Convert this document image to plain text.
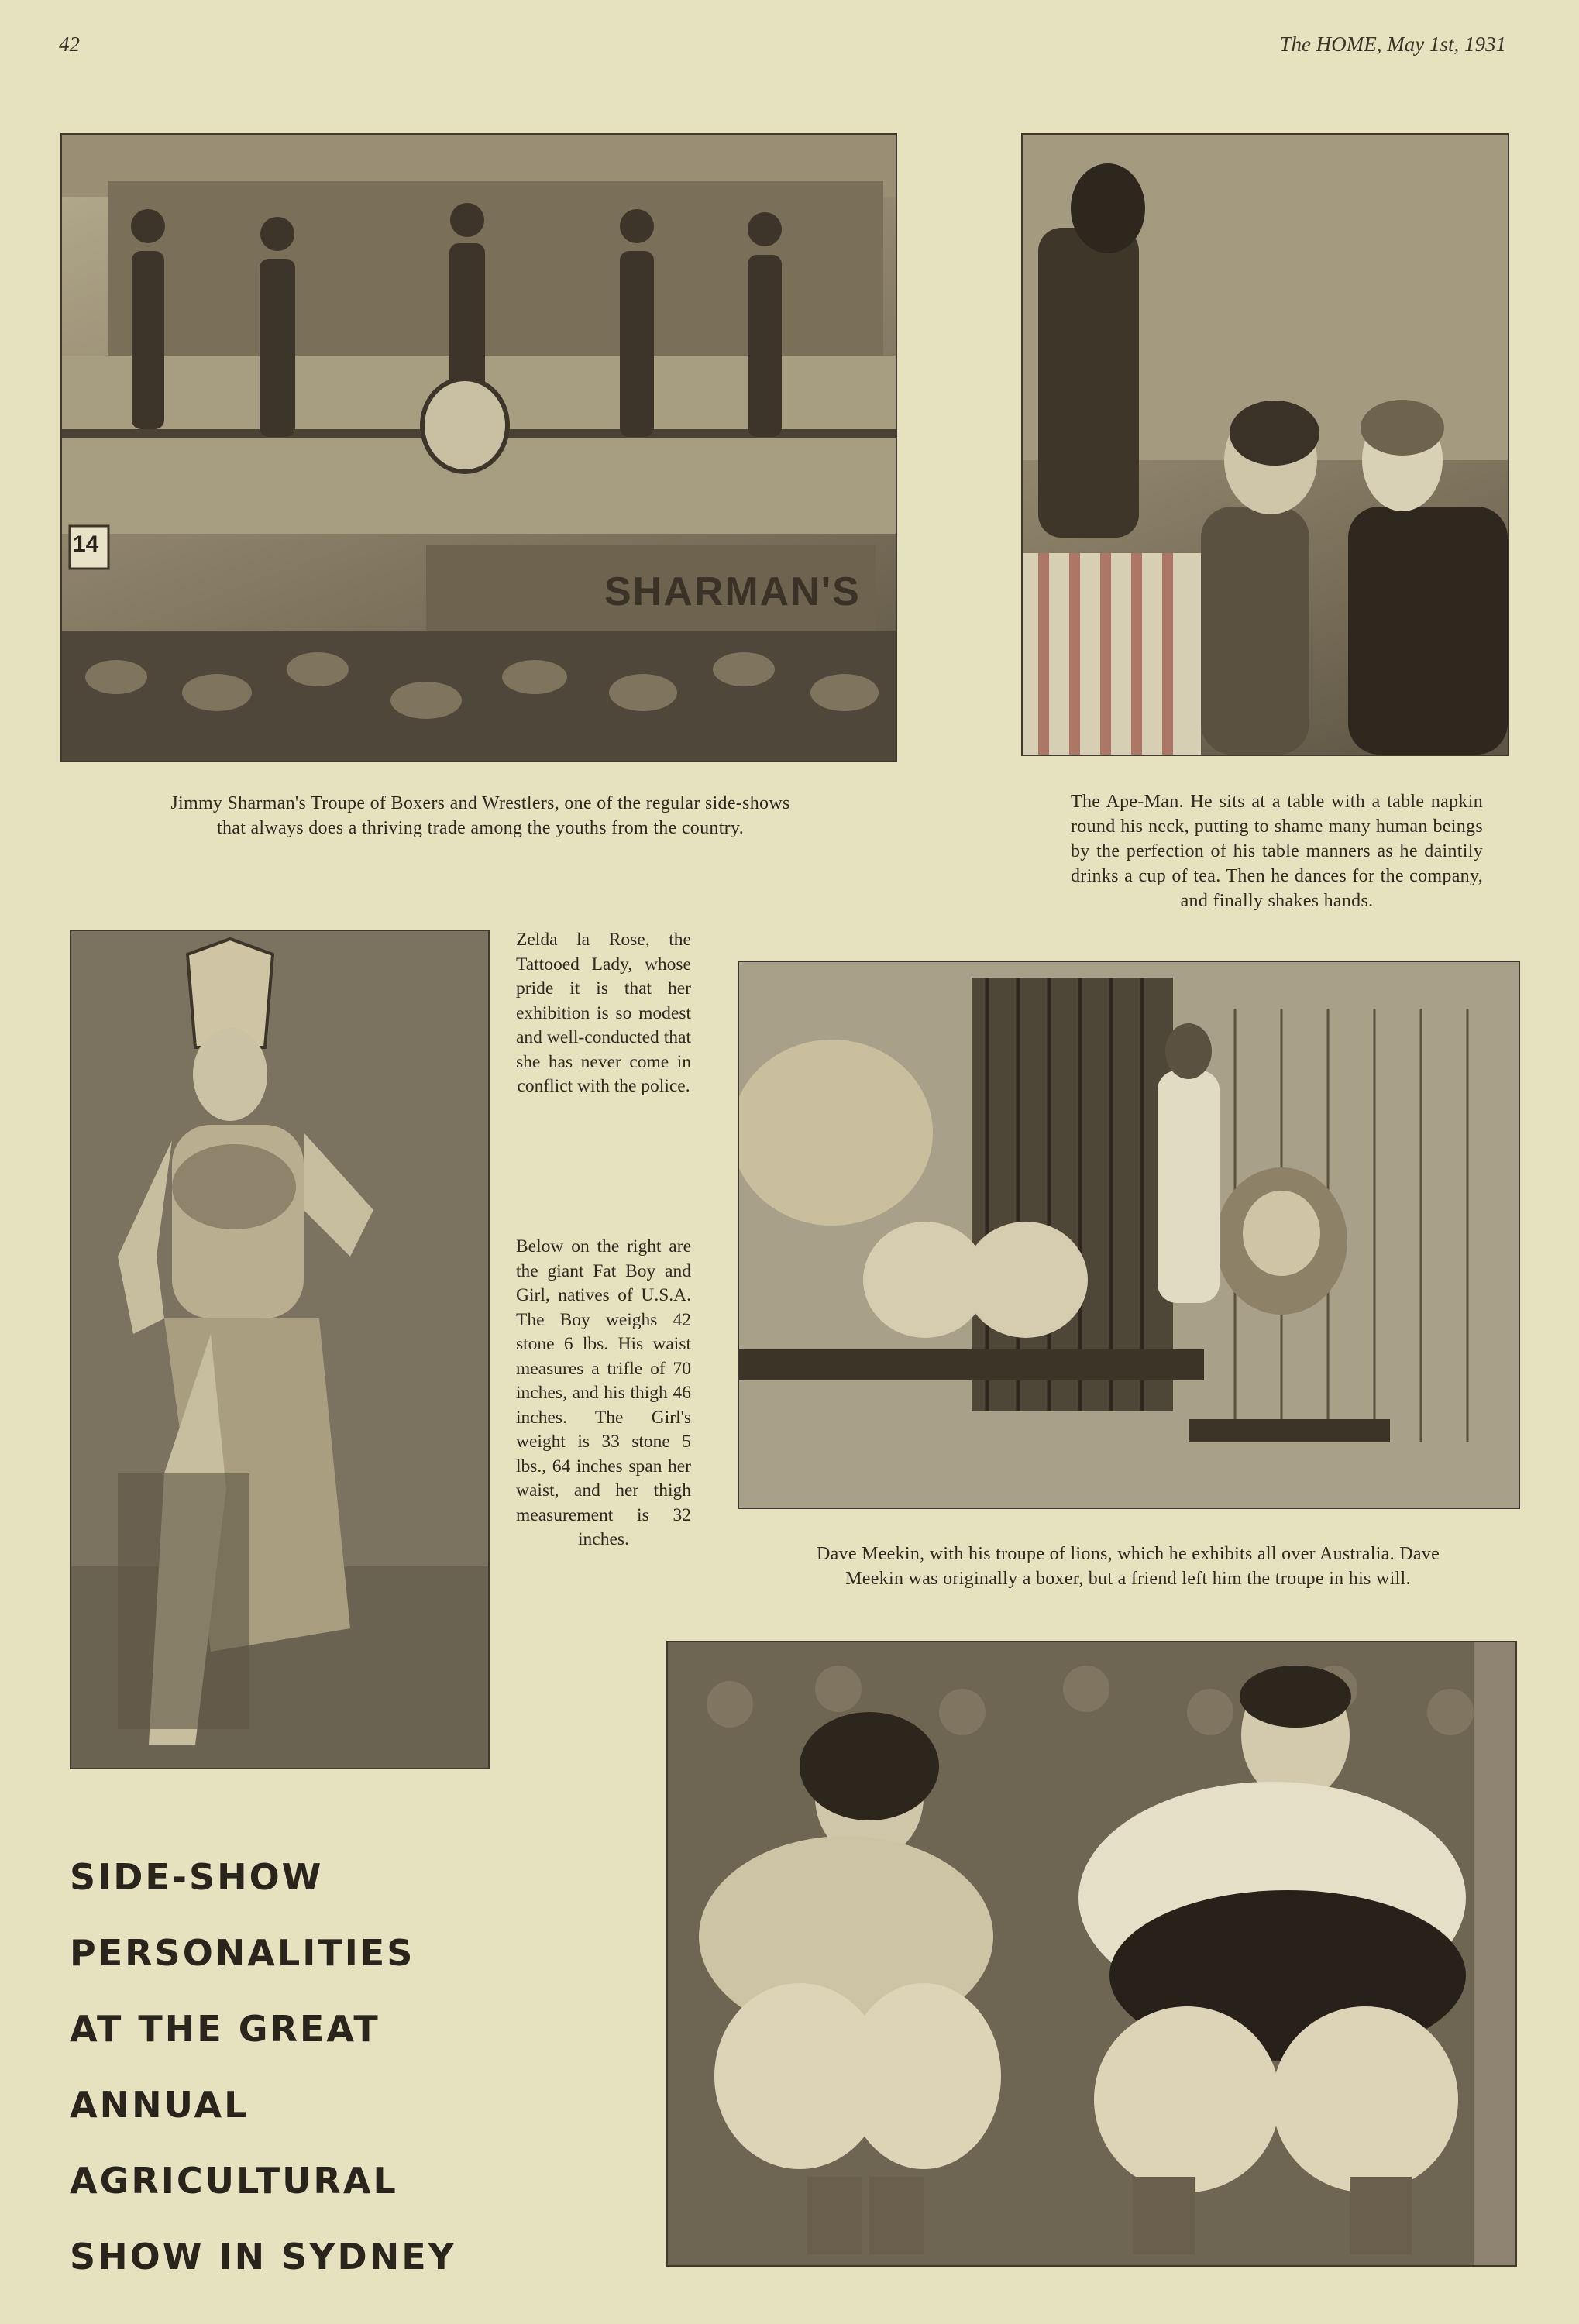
42	The HOME, May 1st, 1931
14
SHARMAN'S
Jimmy Sharman's Troupe of Boxers and Wrestlers, one of the regular side-shows that always does a thriving trade among the youths from the country.
The Ape-Man. He sits at a table with a table napkin round his neck, putting to shame many human beings by the perfection of his table manners as he daintily drinks a cup of tea. Then he dances for the company, and finally shakes hands.

Zelda la Rose, the Tattooed Lady, whose pride it is that her exhibition is so modest and well-conducted that she has never come in conflict with the police.

Below on the right are the giant Fat Boy and Girl, natives of U.S.A. The Boy weighs 42 stone 6 lbs. His waist measures a trifle of 70 inches, and his thigh 46 inches. The Girl's weight is 33 stone 5 lbs., 64 inches span her waist, and her thigh measurement is 32 inches.

Dave Meekin, with his troupe of lions, which he exhibits all over Australia. Dave Meekin was originally a boxer, but a friend left him the troupe in his will.

SIDE-SHOW

PERSONALITIES

AT THE GREAT

ANNUAL

AGRICULTURAL

SHOW IN SYDNEY
